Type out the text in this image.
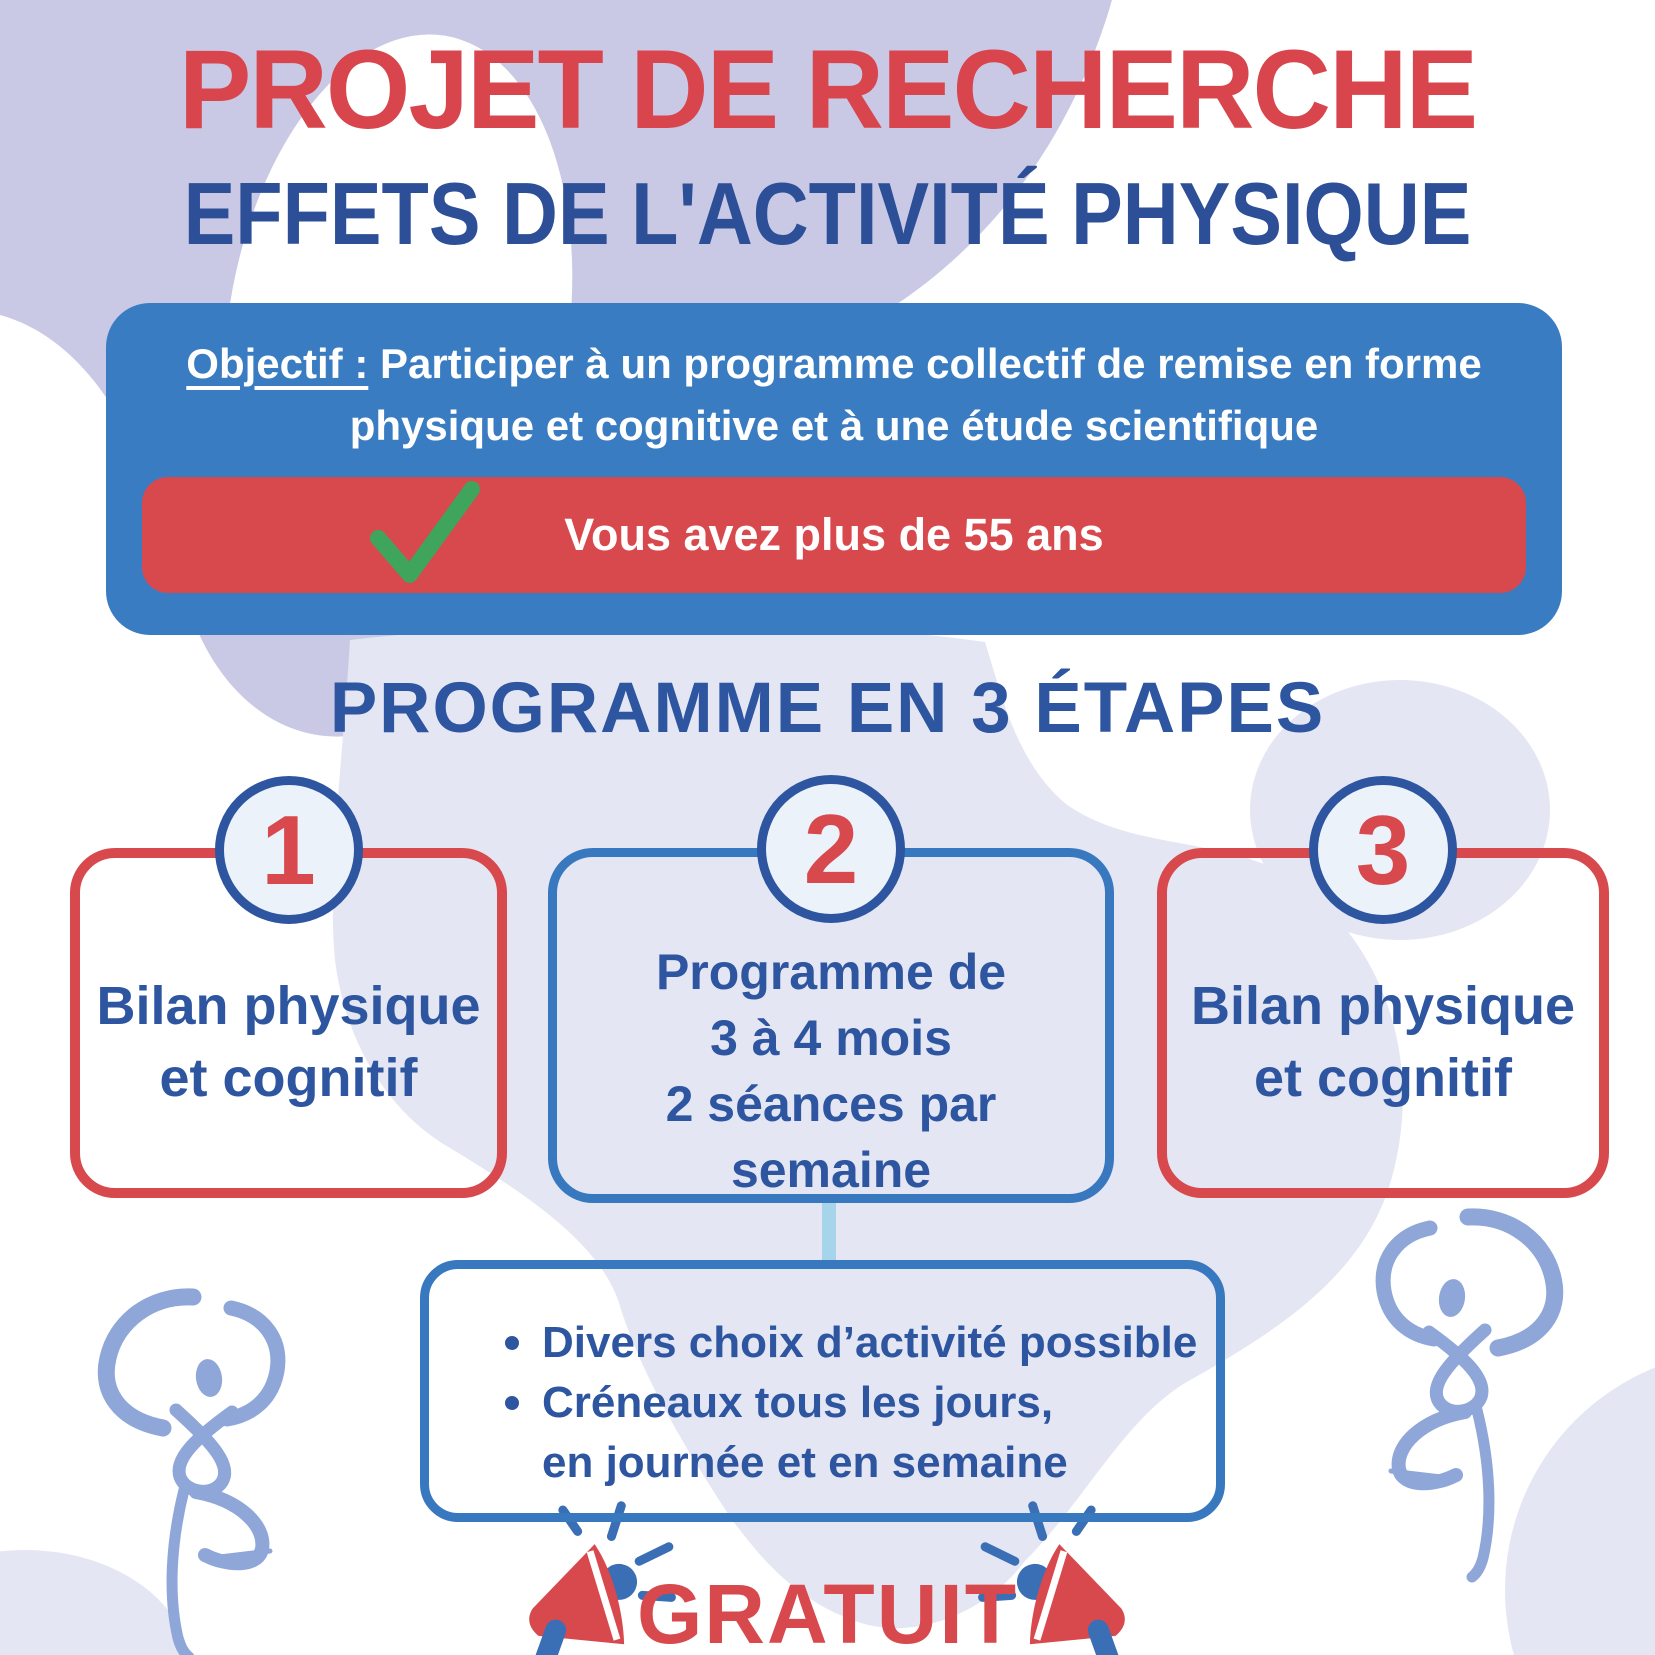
PROJET DE RECHERCHE
EFFETS DE L'ACTIVITÉ PHYSIQUE

Objectif : Participer à un programme collectif de remise en forme physique et cognitive et à une étude scientifique

Vous avez plus de 55 ans
PROGRAMME EN 3 ÉTAPES
1
Bilan physique
et cognitif
2
Programme de
3 à 4 mois
2 séances par
semaine
3
Bilan physique
et cognitif
Divers choix d’activité possible
Créneaux tous les jours,
en journée et en semaine
GRATUIT
